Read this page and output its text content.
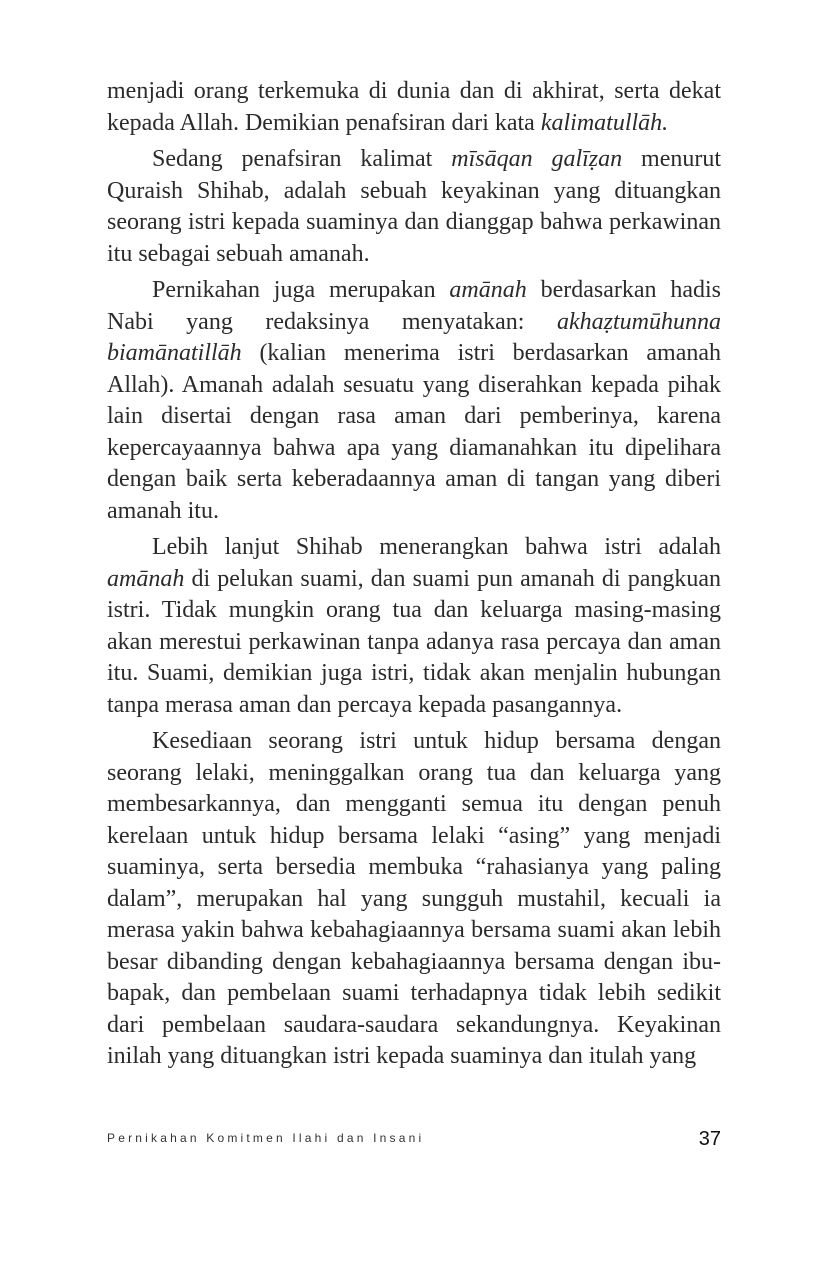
menjadi orang terkemuka di dunia dan di akhirat, serta dekat kepada Allah. Demikian penafsiran dari kata kalimatullāh.

Sedang penafsiran kalimat mīsāqan galīẓan menurut Quraish Shihab, adalah sebuah keyakinan yang dituangkan seorang istri kepada suaminya dan dianggap bahwa perkawinan itu sebagai sebuah amanah.

Pernikahan juga merupakan amānah berdasarkan hadis Nabi yang redaksinya menyatakan: akhaẓtumūhunna biamānatillāh (kalian menerima istri berdasarkan amanah Allah). Amanah adalah sesuatu yang diserahkan kepada pihak lain disertai dengan rasa aman dari pemberinya, karena kepercayaannya bahwa apa yang diamanahkan itu dipelihara dengan baik serta keberadaannya aman di tangan yang diberi amanah itu.

Lebih lanjut Shihab menerangkan bahwa istri adalah amānah di pelukan suami, dan suami pun amanah di pangkuan istri. Tidak mungkin orang tua dan keluarga masing-masing akan merestui perkawinan tanpa adanya rasa percaya dan aman itu. Suami, demikian juga istri, tidak akan menjalin hubungan tanpa merasa aman dan percaya kepada pasangannya.

Kesediaan seorang istri untuk hidup bersama dengan seorang lelaki, meninggalkan orang tua dan keluarga yang membesarkannya, dan mengganti semua itu dengan penuh kerelaan untuk hidup bersama lelaki “asing” yang menjadi suaminya, serta bersedia membuka “rahasianya yang paling dalam”, merupakan hal yang sungguh mustahil, kecuali ia merasa yakin bahwa kebahagiaannya bersama suami akan lebih besar dibanding dengan kebahagiaannya bersama dengan ibu-bapak, dan pembelaan suami terhadapnya tidak lebih sedikit dari pembelaan saudara-saudara sekandungnya. Keyakinan inilah yang dituangkan istri kepada suaminya dan itulah yang

Pernikahan Komitmen Ilahi dan Insani	37
